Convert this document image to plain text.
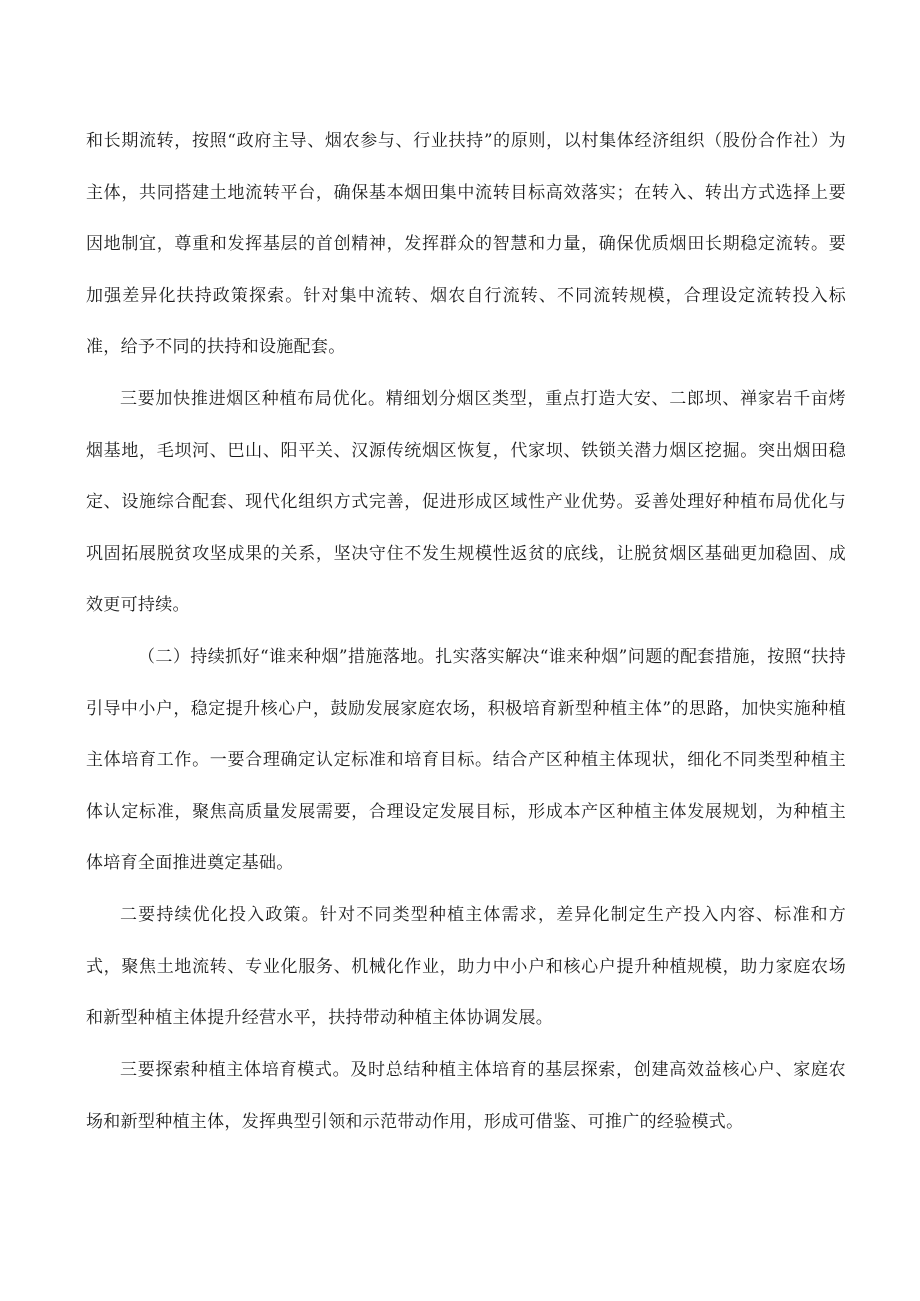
和长期流转，按照“政府主导、烟农参与、行业扶持”的原则，以村集体经济组织（股份合作社）为主体，共同搭建土地流转平台，确保基本烟田集中流转目标高效落实；在转入、转出方式选择上要因地制宜，尊重和发挥基层的首创精神，发挥群众的智慧和力量，确保优质烟田长期稳定流转。要加强差异化扶持政策探索。针对集中流转、烟农自行流转、不同流转规模，合理设定流转投入标准，给予不同的扶持和设施配套。

三要加快推进烟区种植布局优化。精细划分烟区类型，重点打造大安、二郎坝、禅家岩千亩烤烟基地，毛坝河、巴山、阳平关、汉源传统烟区恢复，代家坝、铁锁关潜力烟区挖掘。突出烟田稳定、设施综合配套、现代化组织方式完善，促进形成区域性产业优势。妥善处理好种植布局优化与巩固拓展脱贫攻坚成果的关系，坚决守住不发生规模性返贫的底线，让脱贫烟区基础更加稳固、成效更可持续。

（二）持续抓好“谁来种烟”措施落地。扎实落实解决“谁来种烟”问题的配套措施，按照“扶持引导中小户，稳定提升核心户，鼓励发展家庭农场，积极培育新型种植主体”的思路，加快实施种植主体培育工作。一要合理确定认定标准和培育目标。结合产区种植主体现状，细化不同类型种植主体认定标准，聚焦高质量发展需要，合理设定发展目标，形成本产区种植主体发展规划，为种植主体培育全面推进奠定基础。

二要持续优化投入政策。针对不同类型种植主体需求，差异化制定生产投入内容、标准和方式，聚焦土地流转、专业化服务、机械化作业，助力中小户和核心户提升种植规模，助力家庭农场和新型种植主体提升经营水平，扶持带动种植主体协调发展。

三要探索种植主体培育模式。及时总结种植主体培育的基层探索，创建高效益核心户、家庭农场和新型种植主体，发挥典型引领和示范带动作用，形成可借鉴、可推广的经验模式。
